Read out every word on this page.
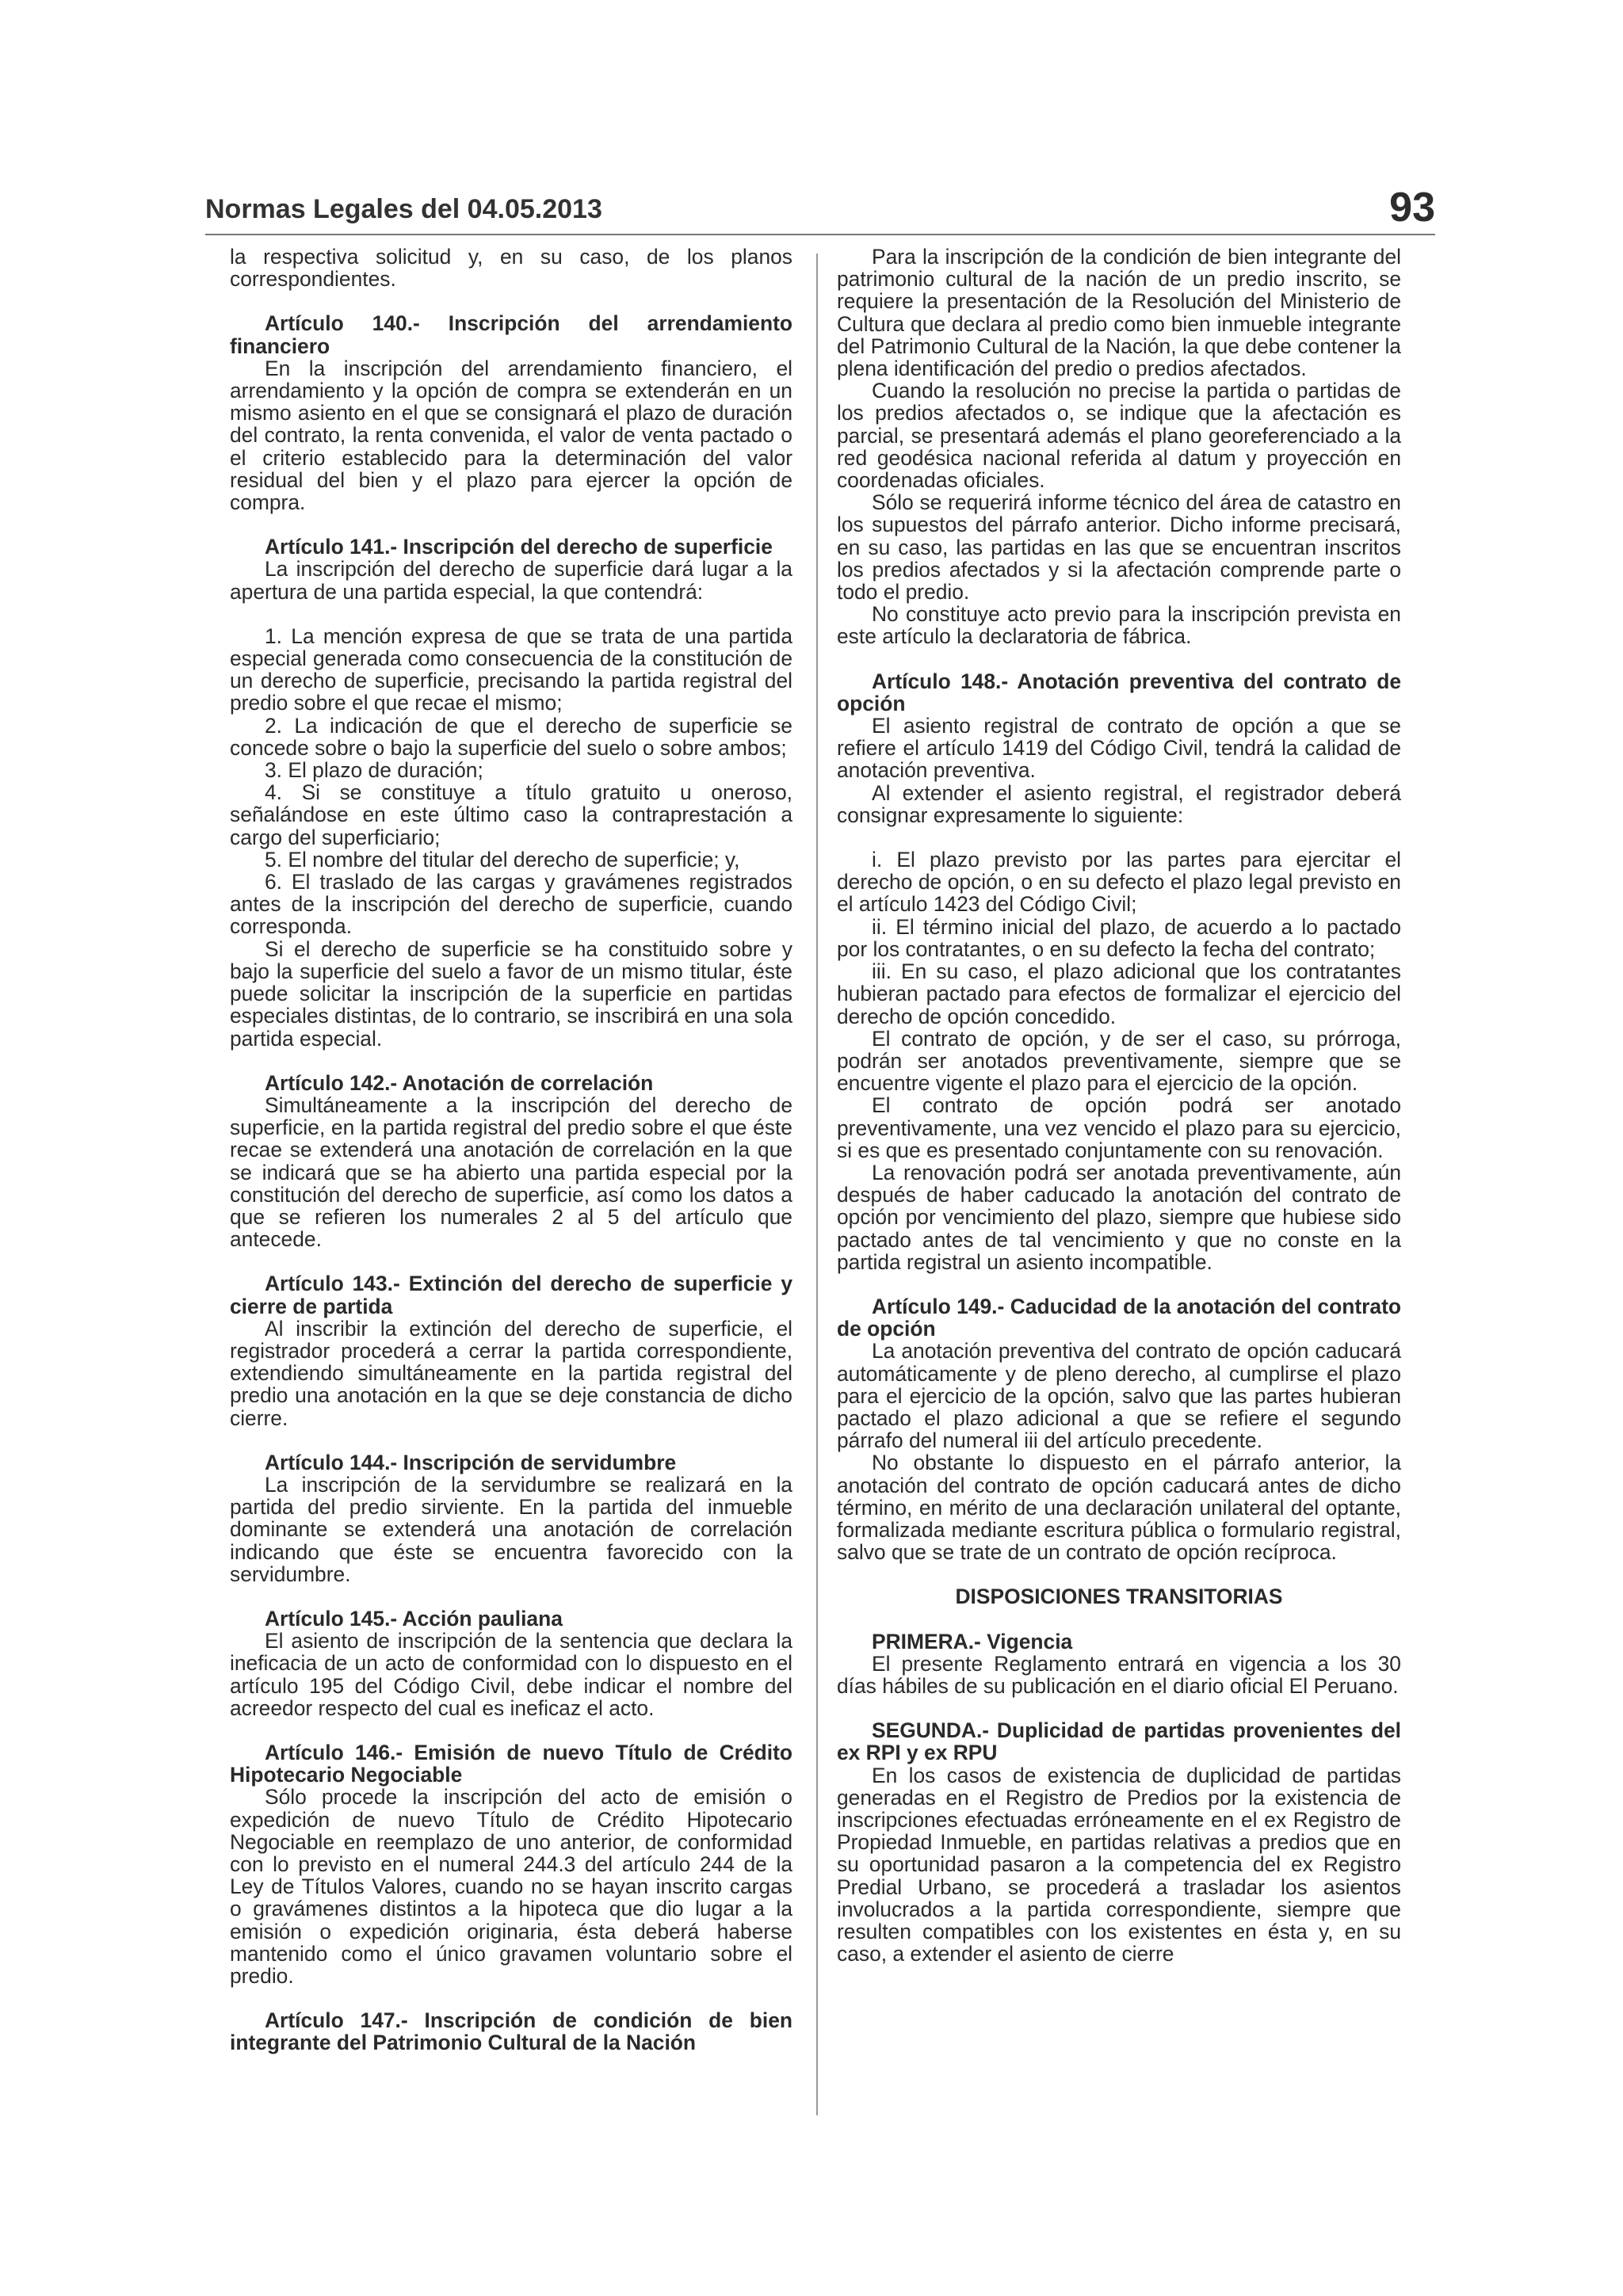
Normas Legales del 04.05.2013	93

la respectiva solicitud y, en su caso, de los planos correspondientes.

Artículo 140.- Inscripción del arrendamiento financiero

En la inscripción del arrendamiento financiero, el arrendamiento y la opción de compra se extenderán en un mismo asiento en el que se consignará el plazo de duración del contrato, la renta convenida, el valor de venta pactado o el criterio establecido para la determinación del valor residual del bien y el plazo para ejercer la opción de compra.

Artículo 141.- Inscripción del derecho de superficie

La inscripción del derecho de superficie dará lugar a la apertura de una partida especial, la que contendrá:

1. La mención expresa de que se trata de una partida especial generada como consecuencia de la constitución de un derecho de superficie, precisando la partida registral del predio sobre el que recae el mismo;

2. La indicación de que el derecho de superficie se concede sobre o bajo la superficie del suelo o sobre ambos;

3. El plazo de duración;

4. Si se constituye a título gratuito u oneroso, señalándose en este último caso la contraprestación a cargo del superficiario;

5. El nombre del titular del derecho de superficie; y,

6. El traslado de las cargas y gravámenes registrados antes de la inscripción del derecho de superficie, cuando corresponda.

Si el derecho de superficie se ha constituido sobre y bajo la superficie del suelo a favor de un mismo titular, éste puede solicitar la inscripción de la superficie en partidas especiales distintas, de lo contrario, se inscribirá en una sola partida especial.

Artículo 142.- Anotación de correlación

Simultáneamente a la inscripción del derecho de superficie, en la partida registral del predio sobre el que éste recae se extenderá una anotación de correlación en la que se indicará que se ha abierto una partida especial por la constitución del derecho de superficie, así como los datos a que se refieren los numerales 2 al 5 del artículo que antecede.

Artículo 143.- Extinción del derecho de superficie y cierre de partida

Al inscribir la extinción del derecho de superficie, el registrador procederá a cerrar la partida correspondiente, extendiendo simultáneamente en la partida registral del predio una anotación en la que se deje constancia de dicho cierre.

Artículo 144.- Inscripción de servidumbre

La inscripción de la servidumbre se realizará en la partida del predio sirviente. En la partida del inmueble dominante se extenderá una anotación de correlación indicando que éste se encuentra favorecido con la servidumbre.

Artículo 145.- Acción pauliana

El asiento de inscripción de la sentencia que declara la ineficacia de un acto de conformidad con lo dispuesto en el artículo 195 del Código Civil, debe indicar el nombre del acreedor respecto del cual es ineficaz el acto.

Artículo 146.- Emisión de nuevo Título de Crédito Hipotecario Negociable

Sólo procede la inscripción del acto de emisión o expedición de nuevo Título de Crédito Hipotecario Negociable en reemplazo de uno anterior, de conformidad con lo previsto en el numeral 244.3 del artículo 244 de la Ley de Títulos Valores, cuando no se hayan inscrito cargas o gravámenes distintos a la hipoteca que dio lugar a la emisión o expedición originaria, ésta deberá haberse mantenido como el único gravamen voluntario sobre el predio.

Artículo 147.- Inscripción de condición de bien integrante del Patrimonio Cultural de la Nación

Para la inscripción de la condición de bien integrante del patrimonio cultural de la nación de un predio inscrito, se requiere la presentación de la Resolución del Ministerio de Cultura que declara al predio como bien inmueble integrante del Patrimonio Cultural de la Nación, la que debe contener la plena identificación del predio o predios afectados.

Cuando la resolución no precise la partida o partidas de los predios afectados o, se indique que la afectación es parcial, se presentará además el plano georeferenciado a la red geodésica nacional referida al datum y proyección en coordenadas oficiales.

Sólo se requerirá informe técnico del área de catastro en los supuestos del párrafo anterior. Dicho informe precisará, en su caso, las partidas en las que se encuentran inscritos los predios afectados y si la afectación comprende parte o todo el predio.

No constituye acto previo para la inscripción prevista en este artículo la declaratoria de fábrica.

Artículo 148.- Anotación preventiva del contrato de opción

El asiento registral de contrato de opción a que se refiere el artículo 1419 del Código Civil, tendrá la calidad de anotación preventiva.

Al extender el asiento registral, el registrador deberá consignar expresamente lo siguiente:

i. El plazo previsto por las partes para ejercitar el derecho de opción, o en su defecto el plazo legal previsto en el artículo 1423 del Código Civil;

ii. El término inicial del plazo, de acuerdo a lo pactado por los contratantes, o en su defecto la fecha del contrato;

iii. En su caso, el plazo adicional que los contratantes hubieran pactado para efectos de formalizar el ejercicio del derecho de opción concedido.

El contrato de opción, y de ser el caso, su prórroga, podrán ser anotados preventivamente, siempre que se encuentre vigente el plazo para el ejercicio de la opción.

El contrato de opción podrá ser anotado preventivamente, una vez vencido el plazo para su ejercicio, si es que es presentado conjuntamente con su renovación.

La renovación podrá ser anotada preventivamente, aún después de haber caducado la anotación del contrato de opción por vencimiento del plazo, siempre que hubiese sido pactado antes de tal vencimiento y que no conste en la partida registral un asiento incompatible.

Artículo 149.- Caducidad de la anotación del contrato de opción

La anotación preventiva del contrato de opción caducará automáticamente y de pleno derecho, al cumplirse el plazo para el ejercicio de la opción, salvo que las partes hubieran pactado el plazo adicional a que se refiere el segundo párrafo del numeral iii del artículo precedente.

No obstante lo dispuesto en el párrafo anterior, la anotación del contrato de opción caducará antes de dicho término, en mérito de una declaración unilateral del optante, formalizada mediante escritura pública o formulario registral, salvo que se trate de un contrato de opción recíproca.

DISPOSICIONES TRANSITORIAS

PRIMERA.- Vigencia

El presente Reglamento entrará en vigencia a los 30 días hábiles de su publicación en el diario oficial El Peruano.

SEGUNDA.- Duplicidad de partidas provenientes del ex RPI y ex RPU

En los casos de existencia de duplicidad de partidas generadas en el Registro de Predios por la existencia de inscripciones efectuadas erróneamente en el ex Registro de Propiedad Inmueble, en partidas relativas a predios que en su oportunidad pasaron a la competencia del ex Registro Predial Urbano, se procederá a trasladar los asientos involucrados a la partida correspondiente, siempre que resulten compatibles con los existentes en ésta y, en su caso, a extender el asiento de cierre
